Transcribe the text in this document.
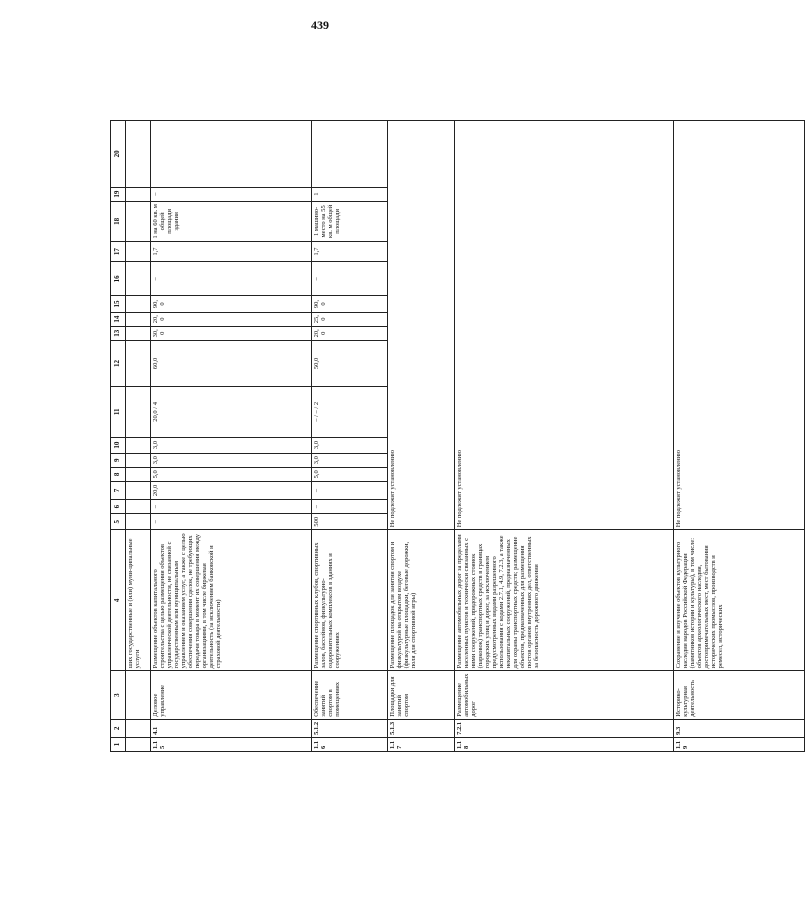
439
1	2	3	4	5	6	7	8	9	10	11	12	13	14	15	16	17	18	19	20
			ших государственные и (или) муни-ципальные услуги																
1.15	4.1	Деловое управление	Размещение объектов капитального строительства с целью размещения объектов управленческой деятельности, не связанной с государственным или муниципальным управлением и оказанием услуг, а также с целью обеспечения совершения сделок, не требующих передачи товара в момент их совершения между организациями, в том числе биржевая деятельность (за исключением банковской и страховой деятельности)	–	–	20,0	5,0	3,0	3,0	20,0 / 4	60,0	30,0	20,0	90,0	–	1,7	1 на 60 кв. м общей площади здания	–	
1.16	5.1.2	Обеспечение занятий спортом в помещениях	Размещение спортивных клубов, спортивных залов, бассейнов, физкультурно-оздоровительных комплексов в зданиях и сооружениях	500	–	–	5,0	3,0	3,0	– / – / 2	50,0	20,0	25,0	90,0	–	1,7	1 машино-место на 55 кв. м общей площади	1	
1.17	5.1.3	Площадки для занятий спортом	Размещение площадок для занятия спортом и физкультурой на открытом воздухе (физкультурные площадки, беговые дорожки, поля для спортивной игры)	Не подлежит установлению															
1.18	7.2.1	Размещение автомобильных дорог	Размещение автомобильных дорог за пределами населенных пунктов и технически связанных с ними сооружений, придорожных стоянок (парковок) транспортных средств в границах городских улиц и дорог, за исключением предусмотренных видами разрешенного использования с кодами 2.7.1, 4.9, 7.2.3, а также некапитальных сооружений, предназначенных для охраны транспортных средств; размещение объектов, предназначенных для размещения постов органов внутренних дел, ответственных за безопасность дорожного движения	Не подлежит установлению															
1.19	9.3	Историко-культурная деятельность	Сохранение и изучение объектов культурного наследия народов Российской Федерации (памятников истории и культуры), в том числе: объектов археологического наследия, достопримечательных мест, мест бытования исторических промыслов, производств и ремесел, исторических	Не подлежит установлению															
